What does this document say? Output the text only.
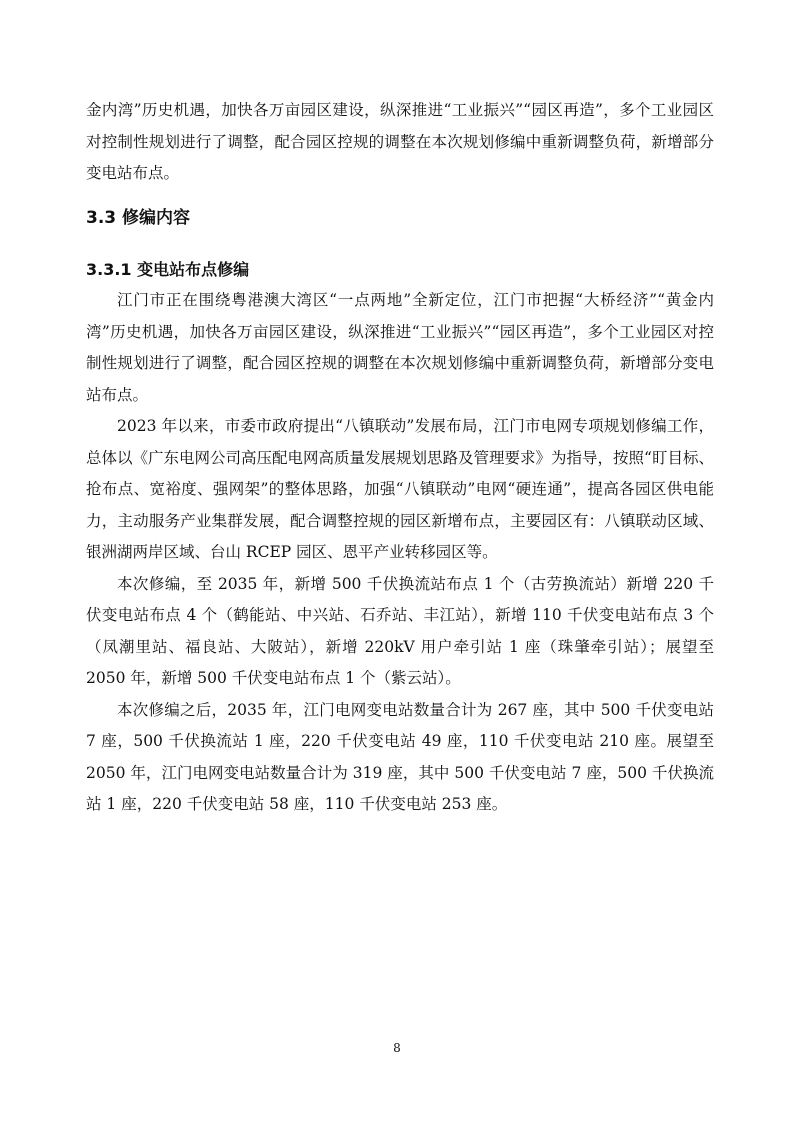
金内湾”历史机遇，加快各万亩园区建设，纵深推进“工业振兴”“园区再造”，多个工业园区对控制性规划进行了调整，配合园区控规的调整在本次规划修编中重新调整负荷，新增部分变电站布点。

3.3 修编内容
3.3.1 变电站布点修编

江门市正在围绕粤港澳大湾区“一点两地”全新定位，江门市把握“大桥经济”“黄金内湾”历史机遇，加快各万亩园区建设，纵深推进“工业振兴”“园区再造”，多个工业园区对控制性规划进行了调整，配合园区控规的调整在本次规划修编中重新调整负荷，新增部分变电站布点。

2023 年以来，市委市政府提出“八镇联动”发展布局，江门市电网专项规划修编工作，总体以《广东电网公司高压配电网高质量发展规划思路及管理要求》为指导，按照“盯目标、抢布点、宽裕度、强网架”的整体思路，加强“八镇联动”电网“硬连通”，提高各园区供电能力，主动服务产业集群发展，配合调整控规的园区新增布点，主要园区有：八镇联动区域、银洲湖两岸区域、台山 RCEP 园区、恩平产业转移园区等。

本次修编，至 2035 年，新增 500 千伏换流站布点 1 个（古劳换流站）新增 220 千伏变电站布点 4 个（鹤能站、中兴站、石乔站、丰江站），新增 110 千伏变电站布点 3 个（凤潮里站、福良站、大陂站），新增 220kV 用户牵引站 1 座（珠肇牵引站）；展望至 2050 年，新增 500 千伏变电站布点 1 个（紫云站）。

本次修编之后，2035 年，江门电网变电站数量合计为 267 座，其中 500 千伏变电站 7 座，500 千伏换流站 1 座，220 千伏变电站 49 座，110 千伏变电站 210 座。展望至 2050 年，江门电网变电站数量合计为 319 座，其中 500 千伏变电站 7 座，500 千伏换流站 1 座，220 千伏变电站 58 座，110 千伏变电站 253 座。

8
